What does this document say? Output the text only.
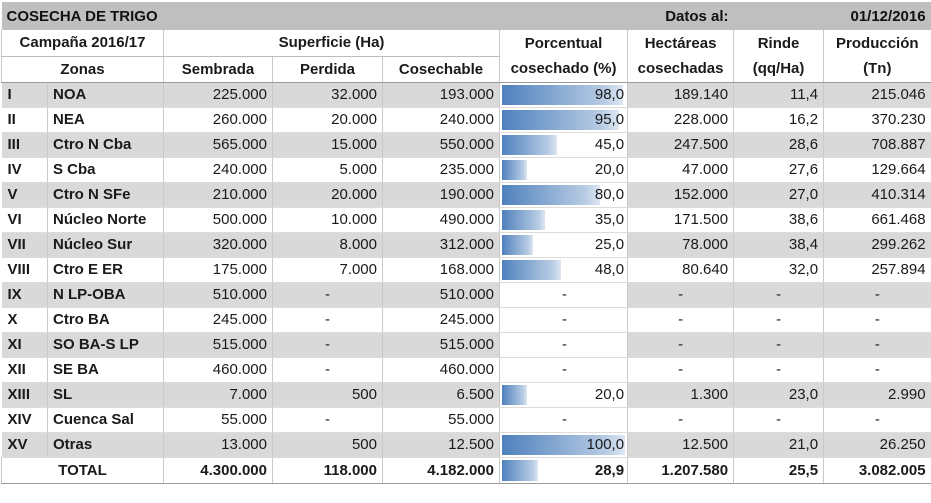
COSECHA DE TRIGO						Datos al:		01/12/2016
Campaña 2016/17		Superficie (Ha)			Porcentual	Hectáreas	Rinde	Producción
Zonas		Sembrada	Perdida	Cosechable	cosechado (%)	cosechadas	(qq/Ha)	(Tn)
I	NOA	225.000	32.000	193.000	98,0	189.140	11,4	215.046
II	NEA	260.000	20.000	240.000	95,0	228.000	16,2	370.230
III	Ctro N Cba	565.000	15.000	550.000	45,0	247.500	28,6	708.887
IV	S Cba	240.000	5.000	235.000	20,0	47.000	27,6	129.664
V	Ctro N SFe	210.000	20.000	190.000	80,0	152.000	27,0	410.314
VI	Núcleo Norte	500.000	10.000	490.000	35,0	171.500	38,6	661.468
VII	Núcleo Sur	320.000	8.000	312.000	25,0	78.000	38,4	299.262
VIII	Ctro E ER	175.000	7.000	168.000	48,0	80.640	32,0	257.894
IX	N LP-OBA	510.000	-	510.000	-	-	-	-
X	Ctro BA	245.000	-	245.000	-	-	-	-
XI	SO BA-S LP	515.000	-	515.000	-	-	-	-
XII	SE BA	460.000	-	460.000	-	-	-	-
XIII	SL	7.000	500	6.500	20,0	1.300	23,0	2.990
XIV	Cuenca Sal	55.000	-	55.000	-	-	-	-
XV	Otras	13.000	500	12.500	100,0	12.500	21,0	26.250
TOTAL		4.300.000	118.000	4.182.000	28,9	1.207.580	25,5	3.082.005
